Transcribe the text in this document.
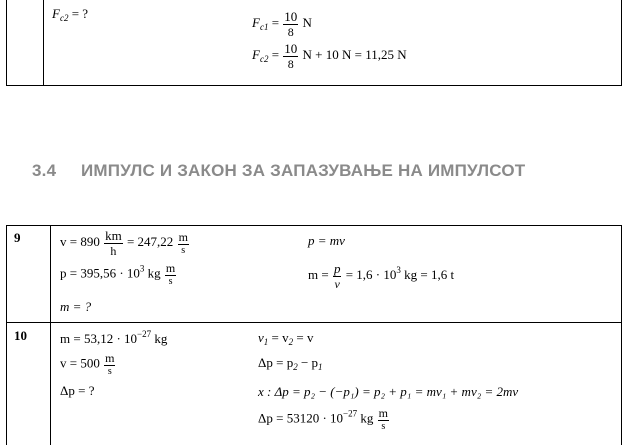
$F_{c2}$ = ?
$F_{c1} = \frac{10}{8}$ N
$F_{c2} = \frac{10}{8}$ N + 10 N = 11,25 N
3.4 ИМПУЛС И ЗАКОН ЗА ЗАПАЗУВАЊЕ НА ИМПУЛСОТ
9	$v = 890 \frac{km}{h} = 247,22 \frac{m}{s}$	p = mv
$p = 395,56 \cdot 10^3$ kg $\frac{m}{s}$	$m = \frac{p}{v} = 1,6 \cdot 10^3$ kg = 1,6 t
m = ?
10	$m = 53,12 \cdot 10^{-27}$ kg	$v_1 = v_2 = v$
$v = 500 \frac{m}{s}$	$\Delta p = p_2 - p_1$
Δp = ?	x : Δp = p₂ − (−p₁) = p₂ + p₁ = mv₁ + mv₂ = 2mv
$\Delta p = 53120 \cdot 10^{-27}$ kg $\frac{m}{s}$
